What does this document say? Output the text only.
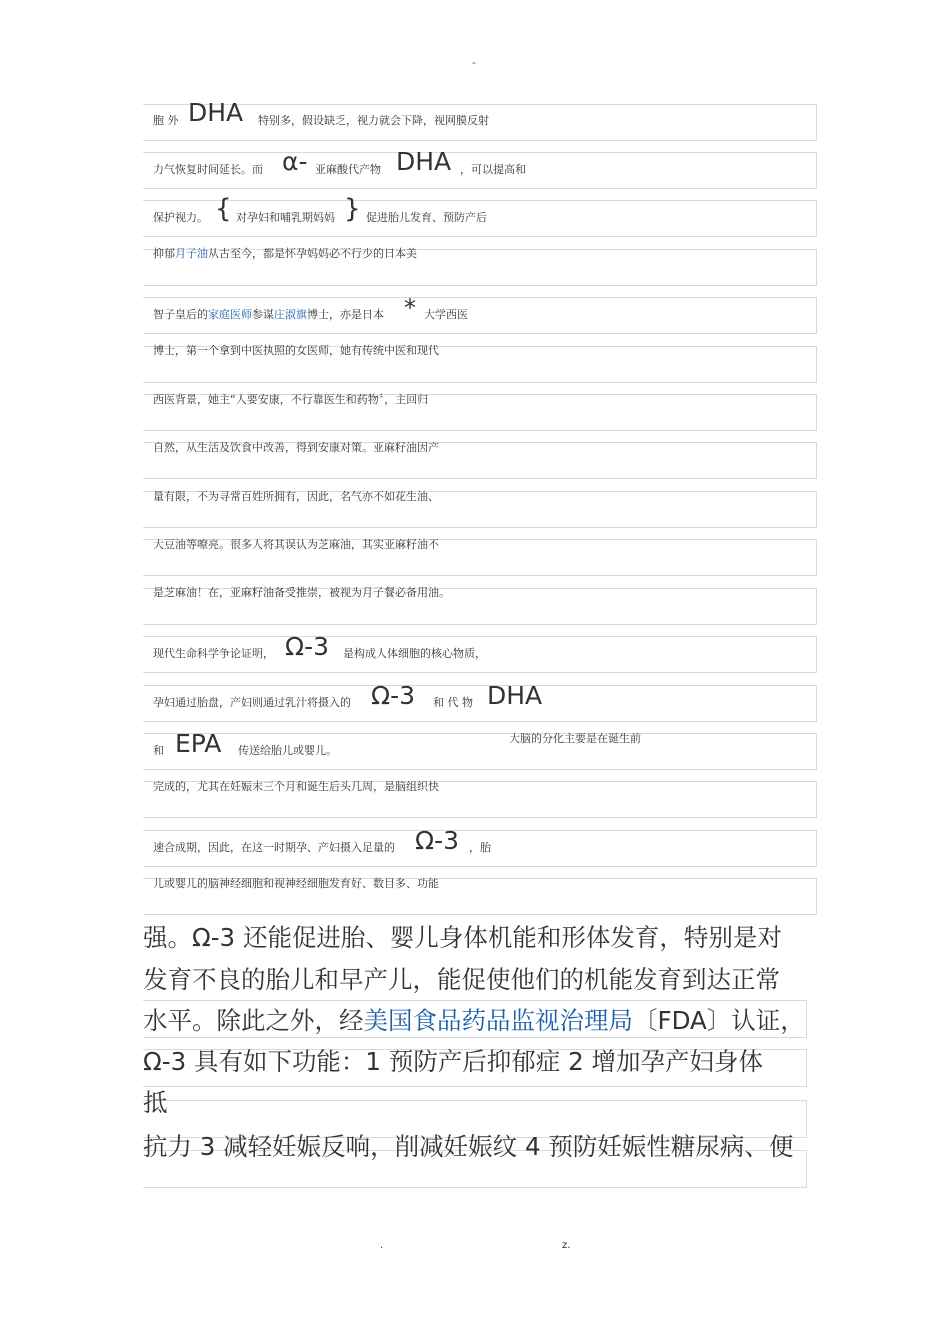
-
胞 外 DHA 特别多，假设缺乏，视力就会下降，视网膜反射
力气恢复时间延长。而 α- 亚麻酸代产物 DHA ，可以提高和
保护视力。 { 对孕妇和哺乳期妈妈 } 促进胎儿发育、预防产后
抑郁月子油从古至今，都是怀孕妈妈必不行少的日本美
智子皇后的家庭医师参谋庄淑旗博士，亦是日本 * 大学西医
博士，第一个拿到中医执照的女医师，她有传统中医和现代
西医背景，她主“人要安康，不行靠医生和药物〞，主回归
自然，从生活及饮食中改善，得到安康对策。亚麻籽油因产
量有限，不为寻常百姓所拥有，因此，名气亦不如花生油、
大豆油等嘹亮。很多人将其误认为芝麻油，其实亚麻籽油不
是芝麻油！在，亚麻籽油备受推崇，被视为月子餐必备用油。
现代生命科学争论证明， Ω-3 是构成人体细胞的核心物质，
孕妇通过胎盘，产妇则通过乳汁将摄入的 Ω-3 和 代 物 DHA
和 EPA 传送给胎儿或婴儿。
大脑的分化主要是在诞生前
完成的，尤其在妊娠末三个月和诞生后头几周，是脑组织快
速合成期，因此，在这一时期孕、产妇摄入足量的 Ω-3 ，胎
儿或婴儿的脑神经细胞和视神经细胞发育好、数目多、功能
强。Ω-3 还能促进胎、婴儿身体机能和形体发育，特别是对
发育不良的胎儿和早产儿，能促使他们的机能发育到达正常
水平。除此之外，经美国食品药品监视治理局〔FDA〕认证，
Ω-3 具有如下功能：1 预防产后抑郁症 2 增加孕产妇身体
抵
抗力 3 减轻妊娠反响，削减妊娠纹 4 预防妊娠性糖尿病、便
.	z.
